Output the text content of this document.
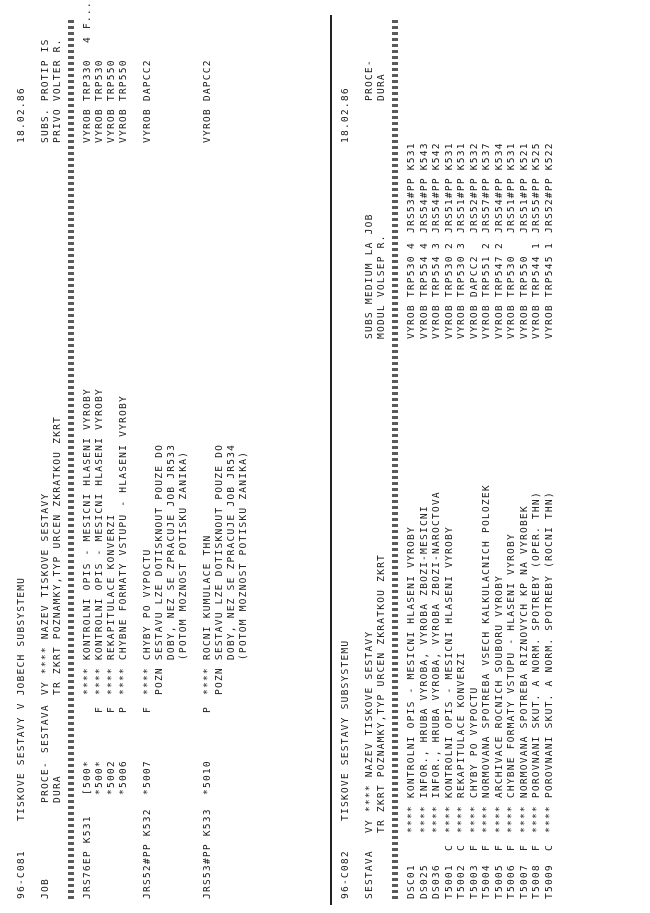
96-C081
TISKOVE SESTAVY V JOBECH SUBSYSTEMU
18.02.86
JOB
PROCE-
SESTAVA
VY **** NAZEV TISKOVE SESTAVY
SUBS. PROTIP IS
DURA
TR ZKRT POZNAMKY,TYP URCEN ZKRATKOU ZKRT
PRIVO VOLTER R.
JRS76EP K531
[500*
**** KONTROLNI OPIS - MESICNI HLASENI VYROBY
VYROB TRP330
4 F...
*500*
F
**** KONTROLNI OPIS - MESICNI HLASENI VYROBY
VYROB TRP530
*5002
F
**** REKAPITULACE KONVERZI
VYROB TRP550
*5006
P
**** CHYBNE FORMATY VSTUPU - HLASENI VYROBY
VYROB TRP550
JRS52#PP K532
*5007
F
**** CHYBY PO VYPOCTU
VYROB DAPCC2
POZN SESTAVU LZE DOTISKNOUT POUZE DO DOBY, NEZ SE ZPRACUJE JOB JR533 (POTOM MOZNOST POTISKU ZANIKA)
JRS53#PP K533
*5010
P
**** ROCNI KUMULACE THN
VYROB DAPCC2
POZN SESTAVU LZE DOTISKNOUT POUZE DO DOBY, NEZ SE ZPRACUJE JOB JR534 (POTOM MOZNOST POTISKU ZANIKA)
96-C082
TISKOVE SESTAVY SUBSYSTEMU
18.02.86
SESTAVA
VY **** NAZEV TISKOVE SESTAVY
SUBS MEDIUM LA JOB
PROCE-
TR ZKRT POZNAMKY,TYP URCEN ZKRATKOU ZKRT
MODUL VOLSEP R.
DURA
DSC01
**** KONTROLNI OPIS - MESICNI HLASENI VYROBY
VYROB TRP530
4
JRS53#PP K531
DS025
**** INFOR., HRUBA VYROBA, VYROBA ZBOZI-MESICNI
VYROB TRP554
4
JRS54#PP K543
DS036
**** INFOR., HRUBA VYROBA, VYROBA ZBOZI-NAROCTOVA
VYROB TRP554
3
JRS54#PP K542
T5001
C
**** KONTROLNI OPIS - MESICNI HLASENI VYROBY
VYROB TRP530
2
JRS51#PP K531
T5002
C
**** REKAPITULACE KONVERZI
VYROB TRP530
3
JRS51#PP K531
T5003
F
**** CHYBY PO VYPOCTU
VYROB DAPCC2
JRS52#PP K532
T5004
F
**** NORMOVANA SPOTREBA VSECH KALKULACNICH POLOZEK
VYROB TRP551
2
JRS57#PP K537
T5005
F
**** ARCHIVACE ROCNICH SOUBORU VYROBY
VYROB TRP547
2
JRS54#PP K534
T5006
F
**** CHYBNE FORMATY VSTUPU - HLASENI VYROBY
VYROB TRP530
JRS51#PP K531
T5007
F
**** NORMOVANA SPOTREBA RIZNOVYCH KP NA VYROBEK
VYROB TRP550
JRS51#PP K521
T5008
F
**** POROVNANI SKUT. A NORM. SPOTREBY (OPER. THN)
VYROB TRP544
1
JRS55#PP K525
T5009
C
**** POROVNANI SKUT. A NORM. SPOTREBY (ROCNI THN)
VYROB TRP545
1
JRS52#PP K522
